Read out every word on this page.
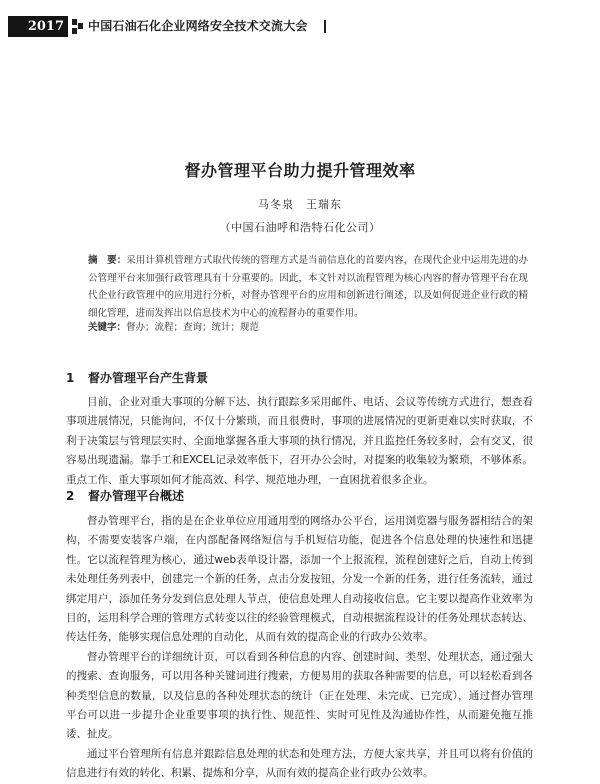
2017	中国石油石化企业网络安全技术交流大会
督办管理平台助力提升管理效率
马冬泉　王瑞东
（中国石油呼和浩特石化公司）
摘　要：采用计算机管理方式取代传统的管理方式是当前信息化的首要内容，在现代企业中运用先进的办公管理平台来加强行政管理具有十分重要的。因此，本文针对以流程管理为核心内容的督办管理平台在现代企业行政管理中的应用进行分析，对督办管理平台的应用和创新进行阐述，以及如何促进企业行政的精细化管理，进而发挥出以信息技术为中心的流程督办的重要作用。
关键字：督办；流程；查询；统计；规范
1 督办管理平台产生背景

目前，企业对重大事项的分解下达、执行跟踪多采用邮件、电话、会议等传统方式进行，想查看事项进展情况，只能询问，不仅十分繁琐，而且很费时，事项的进展情况的更新更难以实时获取，不利于决策层与管理层实时、全面地掌握各重大事项的执行情况，并且监控任务较多时，会有交叉，很容易出现遗漏。靠手工和EXCEL记录效率低下，召开办公会时，对提案的收集较为繁琐，不够体系。重点工作、重大事项如何才能高效、科学、规范地办理，一直困扰着很多企业。

2 督办管理平台概述

督办管理平台，指的是在企业单位应用通用型的网络办公平台，运用浏览器与服务器相结合的架构，不需要安装客户端，在内部配备网络短信与手机短信功能，促进各个信息处理的快速性和迅捷性。它以流程管理为核心，通过web表单设计器，添加一个上报流程，流程创建好之后，自动上传到未处理任务列表中，创建完一个新的任务，点击分发按钮，分发一个新的任务，进行任务流转，通过绑定用户，添加任务分发到信息处理人节点，使信息处理人自动接收信息。它主要以提高作业效率为目的，运用科学合理的管理方式转变以往的经验管理模式，自动根据流程设计的任务处理状态转达、传达任务，能够实现信息处理的自动化，从而有效的提高企业的行政办公效率。

督办管理平台的详细统计页，可以看到各种信息的内容、创建时间、类型、处理状态，通过强大的搜索、查询服务，可以用各种关键词进行搜索，方便易用的获取各种需要的信息，可以轻松看到各种类型信息的数量，以及信息的各种处理状态的统计（正在处理、未完成、已完成），通过督办管理平台可以进一步提升企业重要事项的执行性、规范性、实时可见性及沟通协作性，从而避免拖互推诿、扯皮。

通过平台管理所有信息并跟踪信息处理的状态和处理方法，方便大家共享，并且可以将有价值的信息进行有效的转化、积累、提炼和分享，从而有效的提高企业行政办公效率。
